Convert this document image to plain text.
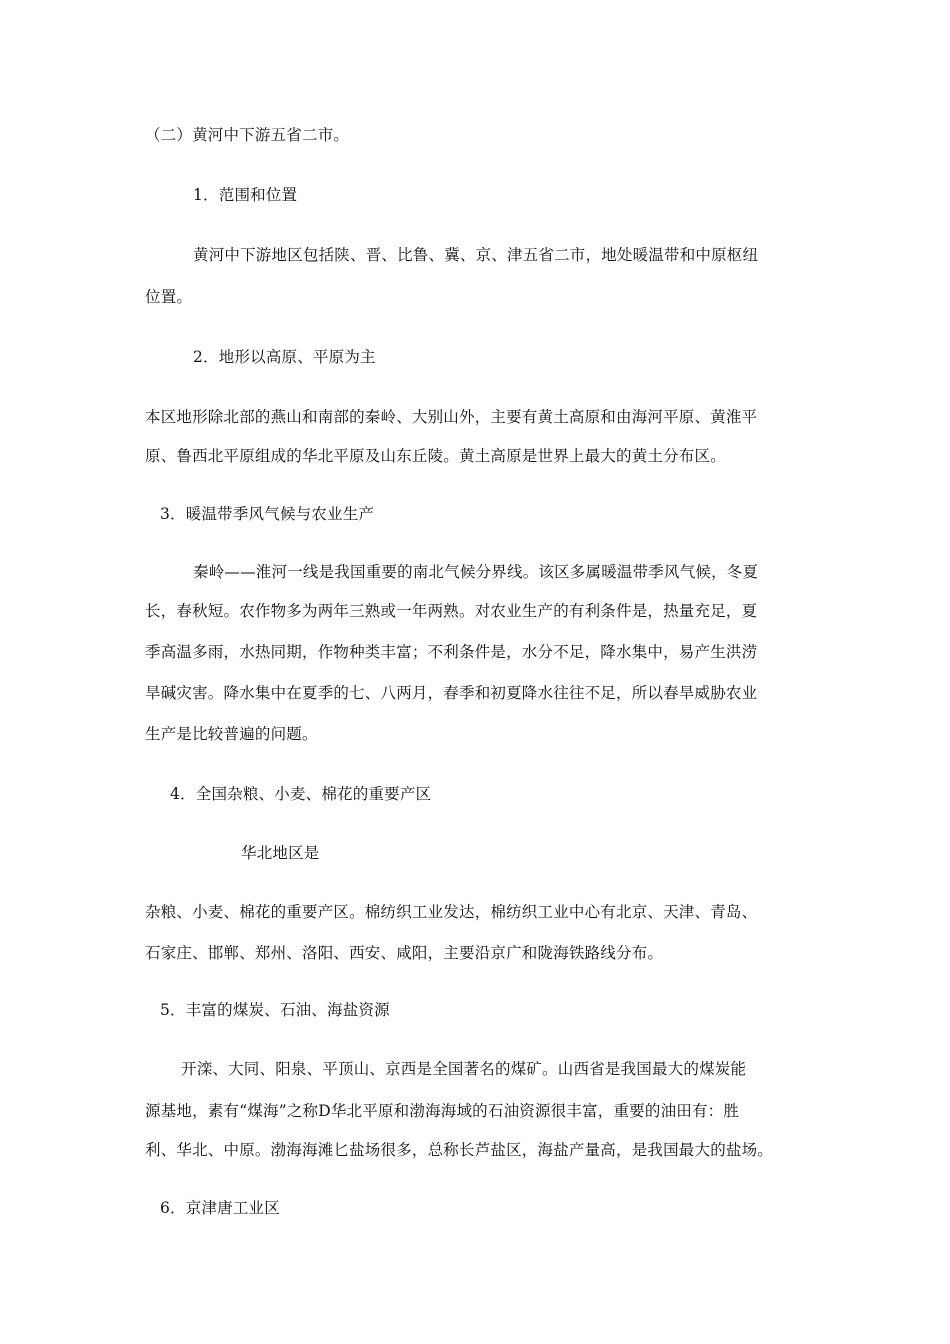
（二）黄河中下游五省二市。
1．范围和位置
黄河中下游地区包括陕、晋、比鲁、冀、京、津五省二市，地处暖温带和中原枢纽
位置。
2．地形以高原、平原为主
本区地形除北部的燕山和南部的秦岭、大别山外，主要有黄土高原和由海河平原、黄淮平
原、鲁西北平原组成的华北平原及山东丘陵。黄土高原是世界上最大的黄土分布区。
3．暖温带季风气候与农业生产
秦岭——淮河一线是我国重要的南北气候分界线。该区多属暖温带季风气候，冬夏
长，春秋短。农作物多为两年三熟或一年两熟。对农业生产的有利条件是，热量充足，夏
季高温多雨，水热同期，作物种类丰富；不利条件是，水分不足，降水集中，易产生洪涝
旱碱灾害。降水集中在夏季的七、八两月，春季和初夏降水往往不足，所以春旱威胁农业
生产是比较普遍的问题。
4．全国杂粮、小麦、棉花的重要产区
华北地区是
杂粮、小麦、棉花的重要产区。棉纺织工业发达，棉纺织工业中心有北京、天津、青岛、
石家庄、邯郸、郑州、洛阳、西安、咸阳，主要沿京广和陇海铁路线分布。
5．丰富的煤炭、石油、海盐资源
开滦、大同、阳泉、平顶山、京西是全国著名的煤矿。山西省是我国最大的煤炭能
源基地，素有“煤海”之称D华北平原和渤海海域的石油资源很丰富，重要的油田有：胜
利、华北、中原。渤海海滩匕盐场很多，总称长芦盐区，海盐产量高，是我国最大的盐场。
6．京津唐工业区
